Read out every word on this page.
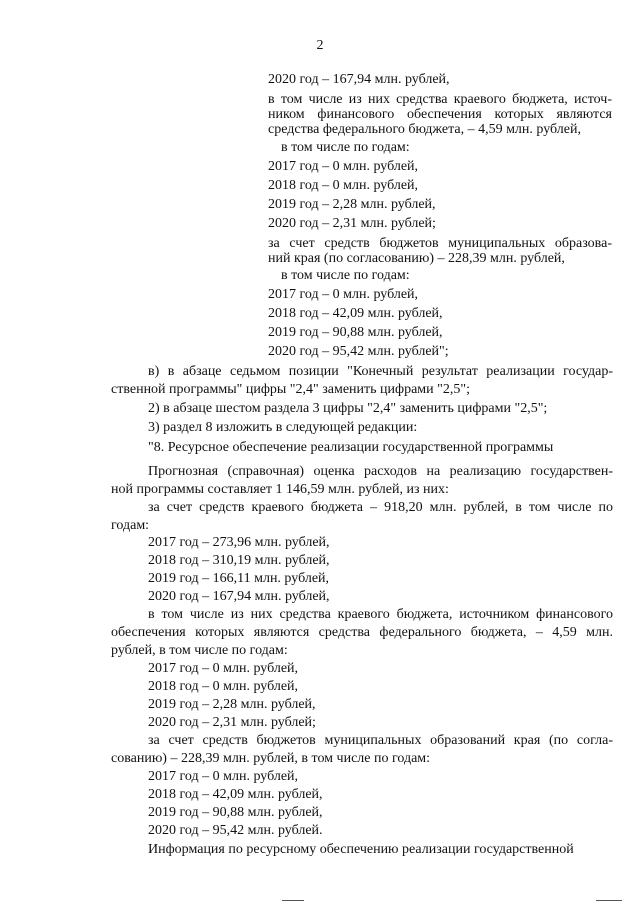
2
2020 год – 167,94 млн. рублей,
в том числе из них средства краевого бюджета, источ-
ником финансового обеспечения которых являются
средства федерального бюджета, – 4,59 млн. рублей,
в том числе по годам:
2017 год – 0 млн. рублей,
2018 год – 0 млн. рублей,
2019 год – 2,28 млн. рублей,
2020 год – 2,31 млн. рублей;
за счет средств бюджетов муниципальных образова-
ний края (по согласованию) – 228,39 млн. рублей,
в том числе по годам:
2017 год – 0 млн. рублей,
2018 год – 42,09 млн. рублей,
2019 год – 90,88 млн. рублей,
2020 год – 95,42 млн. рублей";
в) в абзаце седьмом позиции "Конечный результат реализации государ-
ственной программы" цифры "2,4" заменить цифрами "2,5";
2) в абзаце шестом раздела 3 цифры "2,4" заменить цифрами "2,5";
3) раздел 8 изложить в следующей редакции:
"8. Ресурсное обеспечение реализации государственной программы
Прогнозная (справочная) оценка расходов на реализацию государствен-
ной программы составляет 1 146,59 млн. рублей, из них:
за счет средств краевого бюджета – 918,20 млн. рублей, в том числе по
годам:
2017 год – 273,96 млн. рублей,
2018 год – 310,19 млн. рублей,
2019 год – 166,11 млн. рублей,
2020 год – 167,94 млн. рублей,
в том числе из них средства краевого бюджета, источником финансового
обеспечения которых являются средства федерального бюджета, – 4,59 млн.
рублей, в том числе по годам:
2017 год – 0 млн. рублей,
2018 год – 0 млн. рублей,
2019 год – 2,28 млн. рублей,
2020 год – 2,31 млн. рублей;
за счет средств бюджетов муниципальных образований края (по согла-
сованию) – 228,39 млн. рублей, в том числе по годам:
2017 год – 0 млн. рублей,
2018 год – 42,09 млн. рублей,
2019 год – 90,88 млн. рублей,
2020 год – 95,42 млн. рублей.
Информация по ресурсному обеспечению реализации государственной
